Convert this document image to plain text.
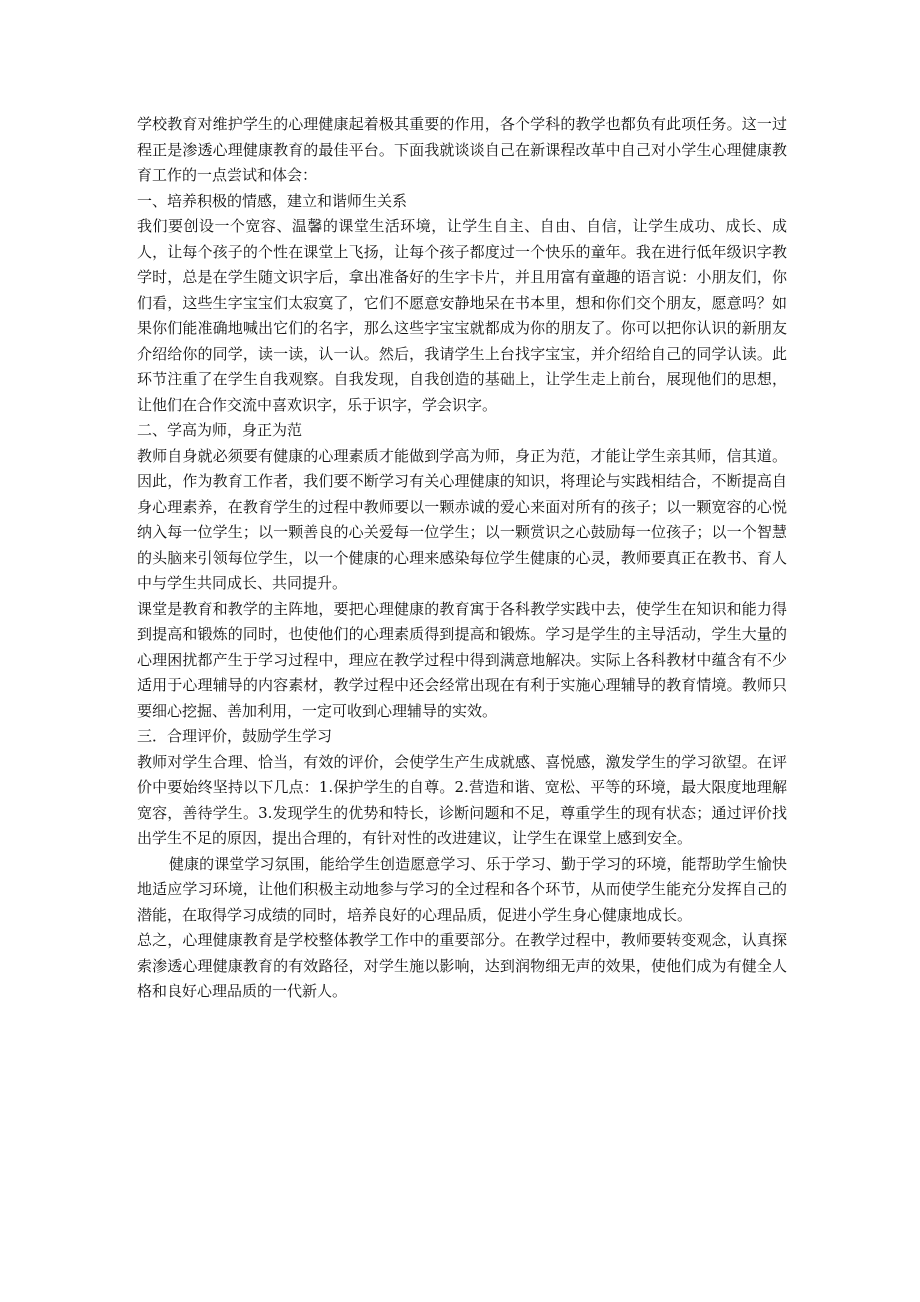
学校教育对维护学生的心理健康起着极其重要的作用，各个学科的教学也都负有此项任务。这一过程正是渗透心理健康教育的最佳平台。下面我就谈谈自己在新课程改革中自己对小学生心理健康教育工作的一点尝试和体会：

一、培养积极的情感，建立和谐师生关系

我们要创设一个宽容、温馨的课堂生活环境，让学生自主、自由、自信，让学生成功、成长、成人，让每个孩子的个性在课堂上飞扬，让每个孩子都度过一个快乐的童年。我在进行低年级识字教学时，总是在学生随文识字后，拿出准备好的生字卡片，并且用富有童趣的语言说：小朋友们，你们看，这些生字宝宝们太寂寞了，它们不愿意安静地呆在书本里，想和你们交个朋友，愿意吗？如果你们能准确地喊出它们的名字，那么这些字宝宝就都成为你的朋友了。你可以把你认识的新朋友介绍给你的同学，读一读，认一认。然后，我请学生上台找字宝宝，并介绍给自己的同学认读。此环节注重了在学生自我观察。自我发现，自我创造的基础上，让学生走上前台，展现他们的思想，让他们在合作交流中喜欢识字，乐于识字，学会识字。

二、学高为师，身正为范

教师自身就必须要有健康的心理素质才能做到学高为师，身正为范，才能让学生亲其师，信其道。因此，作为教育工作者，我们要不断学习有关心理健康的知识，将理论与实践相结合，不断提高自身心理素养，在教育学生的过程中教师要以一颗赤诚的爱心来面对所有的孩子；以一颗宽容的心悦纳入每一位学生；以一颗善良的心关爱每一位学生；以一颗赏识之心鼓励每一位孩子；以一个智慧的头脑来引领每位学生，以一个健康的心理来感染每位学生健康的心灵，教师要真正在教书、育人中与学生共同成长、共同提升。

课堂是教育和教学的主阵地，要把心理健康的教育寓于各科教学实践中去，使学生在知识和能力得到提高和锻炼的同时，也使他们的心理素质得到提高和锻炼。学习是学生的主导活动，学生大量的心理困扰都产生于学习过程中，理应在教学过程中得到满意地解决。实际上各科教材中蕴含有不少适用于心理辅导的内容素材，教学过程中还会经常出现在有利于实施心理辅导的教育情境。教师只要细心挖掘、善加利用，一定可收到心理辅导的实效。

三．合理评价，鼓励学生学习

教师对学生合理、恰当，有效的评价，会使学生产生成就感、喜悦感，激发学生的学习欲望。在评价中要始终坚持以下几点：1.保护学生的自尊。2.营造和谐、宽松、平等的环境，最大限度地理解宽容，善待学生。3.发现学生的优势和特长，诊断问题和不足，尊重学生的现有状态；通过评价找出学生不足的原因，提出合理的，有针对性的改进建议，让学生在课堂上感到安全。

健康的课堂学习氛围，能给学生创造愿意学习、乐于学习、勤于学习的环境，能帮助学生愉快地适应学习环境，让他们积极主动地参与学习的全过程和各个环节，从而使学生能充分发挥自己的潜能，在取得学习成绩的同时，培养良好的心理品质，促进小学生身心健康地成长。

总之，心理健康教育是学校整体教学工作中的重要部分。在教学过程中，教师要转变观念，认真探索渗透心理健康教育的有效路径，对学生施以影响，达到润物细无声的效果，使他们成为有健全人格和良好心理品质的一代新人。
